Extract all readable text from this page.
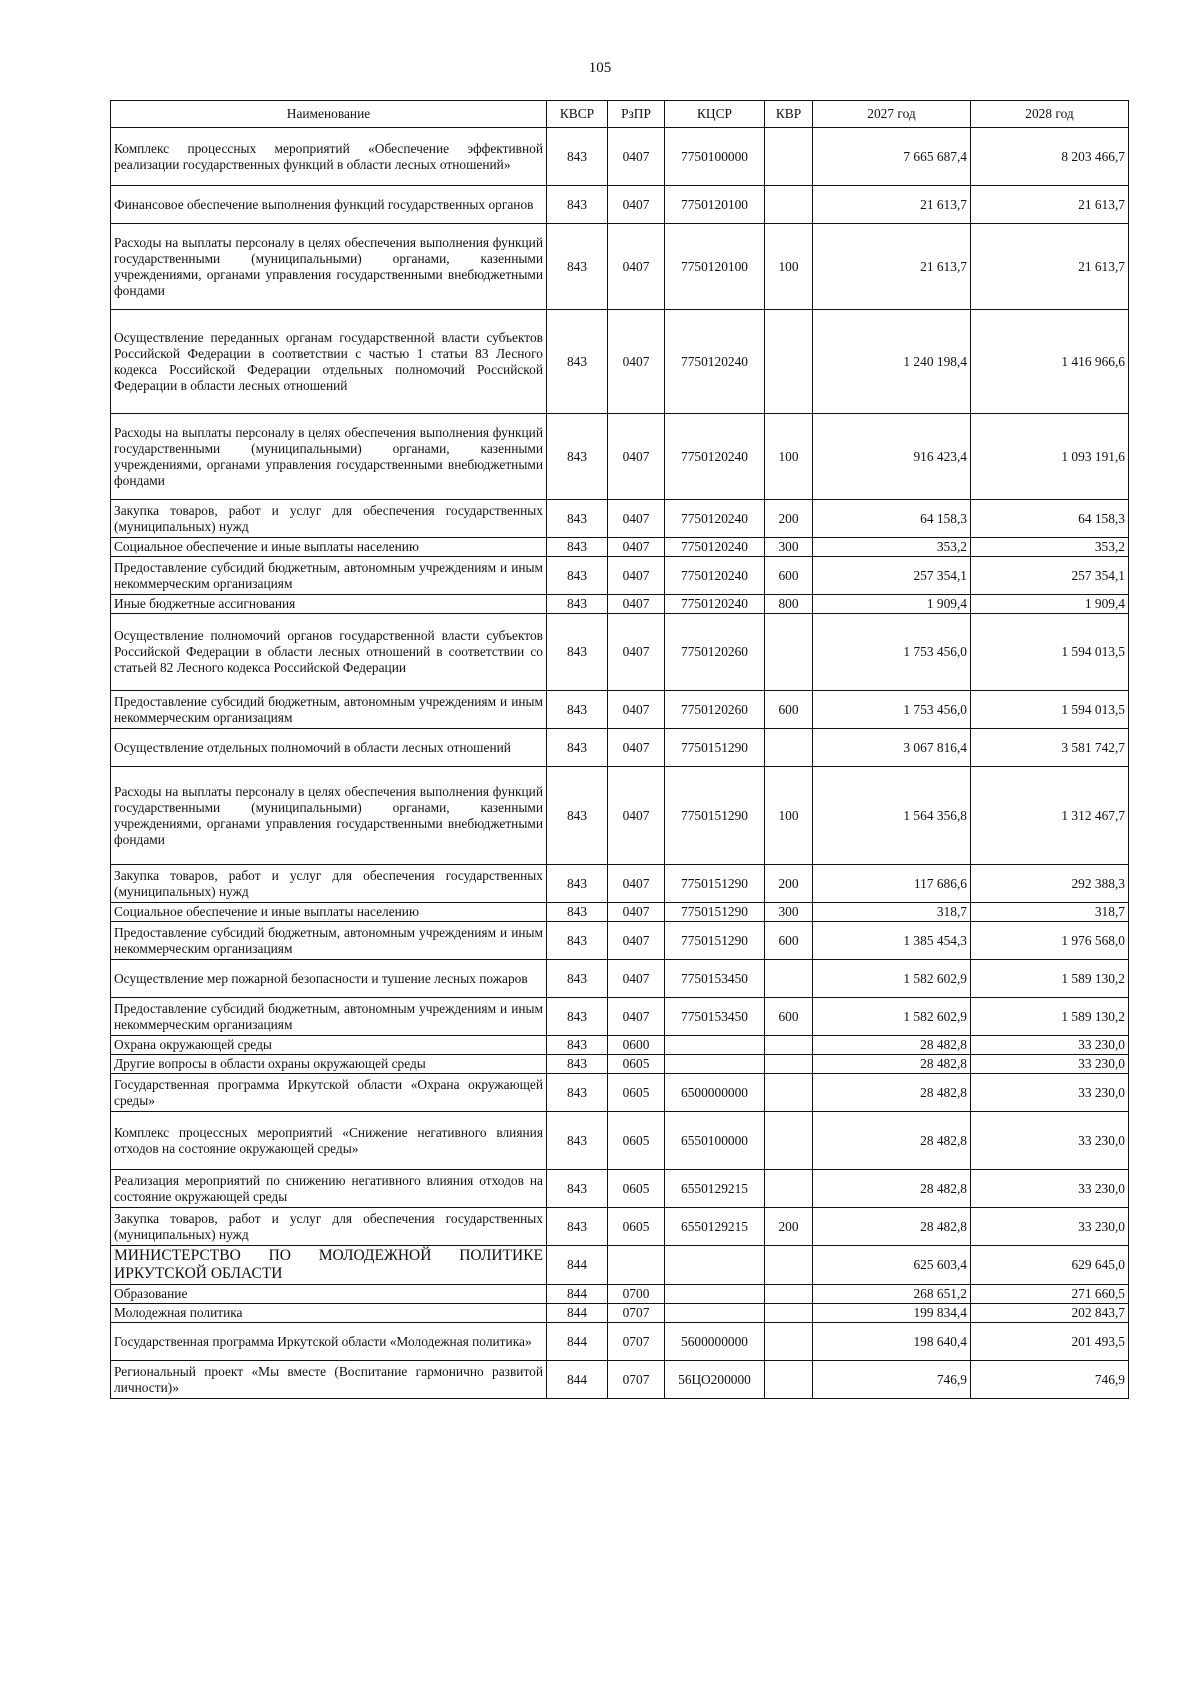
105
Наименование	КВСР	РзПР	КЦСР	КВР	2027 год	2028 год
Комплекс процессных мероприятий «Обеспечение эффективной реализации государственных функций в области лесных отношений»	843	0407	7750100000		7 665 687,4	8 203 466,7
Финансовое обеспечение выполнения функций государственных органов	843	0407	7750120100		21 613,7	21 613,7
Расходы на выплаты персоналу в целях обеспечения выполнения функций государственными (муниципальными) органами, казенными учреждениями, органами управления государственными внебюджетными фондами	843	0407	7750120100	100	21 613,7	21 613,7
Осуществление переданных органам государственной власти субъектов Российской Федерации в соответствии с частью 1 статьи 83 Лесного кодекса Российской Федерации отдельных полномочий Российской Федерации в области лесных отношений	843	0407	7750120240		1 240 198,4	1 416 966,6
Расходы на выплаты персоналу в целях обеспечения выполнения функций государственными (муниципальными) органами, казенными учреждениями, органами управления государственными внебюджетными фондами	843	0407	7750120240	100	916 423,4	1 093 191,6
Закупка товаров, работ и услуг для обеспечения государственных (муниципальных) нужд	843	0407	7750120240	200	64 158,3	64 158,3
Социальное обеспечение и иные выплаты населению	843	0407	7750120240	300	353,2	353,2
Предоставление субсидий бюджетным, автономным учреждениям и иным некоммерческим организациям	843	0407	7750120240	600	257 354,1	257 354,1
Иные бюджетные ассигнования	843	0407	7750120240	800	1 909,4	1 909,4
Осуществление полномочий органов государственной власти субъектов Российской Федерации в области лесных отношений в соответствии со статьей 82 Лесного кодекса Российской Федерации	843	0407	7750120260		1 753 456,0	1 594 013,5
Предоставление субсидий бюджетным, автономным учреждениям и иным некоммерческим организациям	843	0407	7750120260	600	1 753 456,0	1 594 013,5
Осуществление отдельных полномочий в области лесных отношений	843	0407	7750151290		3 067 816,4	3 581 742,7
Расходы на выплаты персоналу в целях обеспечения выполнения функций государственными (муниципальными) органами, казенными учреждениями, органами управления государственными внебюджетными фондами	843	0407	7750151290	100	1 564 356,8	1 312 467,7
Закупка товаров, работ и услуг для обеспечения государственных (муниципальных) нужд	843	0407	7750151290	200	117 686,6	292 388,3
Социальное обеспечение и иные выплаты населению	843	0407	7750151290	300	318,7	318,7
Предоставление субсидий бюджетным, автономным учреждениям и иным некоммерческим организациям	843	0407	7750151290	600	1 385 454,3	1 976 568,0
Осуществление мер пожарной безопасности и тушение лесных пожаров	843	0407	7750153450		1 582 602,9	1 589 130,2
Предоставление субсидий бюджетным, автономным учреждениям и иным некоммерческим организациям	843	0407	7750153450	600	1 582 602,9	1 589 130,2
Охрана окружающей среды	843	0600			28 482,8	33 230,0
Другие вопросы в области охраны окружающей среды	843	0605			28 482,8	33 230,0
Государственная программа Иркутской области «Охрана окружающей среды»	843	0605	6500000000		28 482,8	33 230,0
Комплекс процессных мероприятий «Снижение негативного влияния отходов на состояние окружающей среды»	843	0605	6550100000		28 482,8	33 230,0
Реализация мероприятий по снижению негативного влияния отходов на состояние окружающей среды	843	0605	6550129215		28 482,8	33 230,0
Закупка товаров, работ и услуг для обеспечения государственных (муниципальных) нужд	843	0605	6550129215	200	28 482,8	33 230,0
МИНИСТЕРСТВО ПО МОЛОДЕЖНОЙ ПОЛИТИКЕ ИРКУТСКОЙ ОБЛАСТИ	844				625 603,4	629 645,0
Образование	844	0700			268 651,2	271 660,5
Молодежная политика	844	0707			199 834,4	202 843,7
Государственная программа Иркутской области «Молодежная политика»	844	0707	5600000000		198 640,4	201 493,5
Региональный проект «Мы вместе (Воспитание гармонично развитой личности)»	844	0707	56ЦО200000		746,9	746,9
